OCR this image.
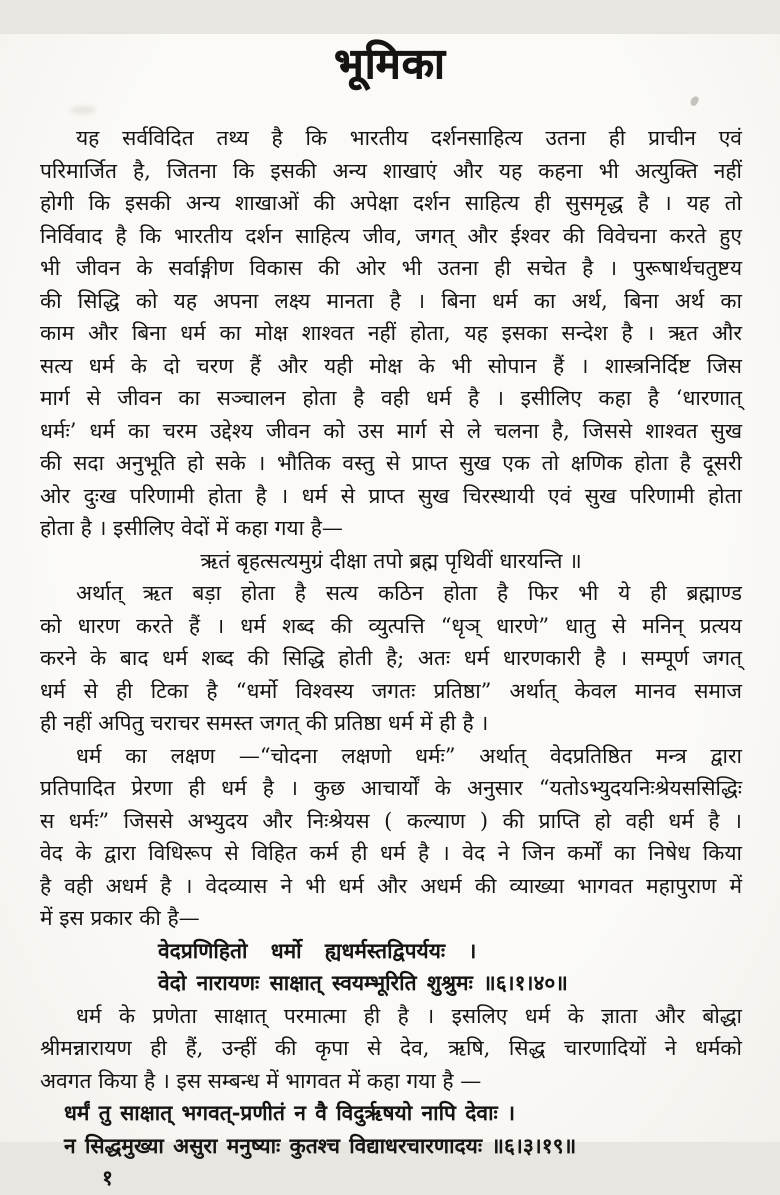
भूमिका
यह सर्वविदित तथ्य है कि भारतीय दर्शनसाहित्य उतना ही प्राचीन एवं
परिमार्जित है, जितना कि इसकी अन्य शाखाएं और यह कहना भी अत्युक्ति नहीं
होगी कि इसकी अन्य शाखाओं की अपेक्षा दर्शन साहित्य ही सुसमृद्ध है । यह तो
निर्विवाद है कि भारतीय दर्शन साहित्य जीव, जगत् और ईश्वर की विवेचना करते हुए
भी जीवन के सर्वाङ्गीण विकास की ओर भी उतना ही सचेत है । पुरूषार्थचतुष्टय
की सिद्धि को यह अपना लक्ष्य मानता है । बिना धर्म का अर्थ, बिना अर्थ का
काम और बिना धर्म का मोक्ष शाश्वत नहीं होता, यह इसका सन्देश है । ऋत और
सत्य धर्म के दो चरण हैं और यही मोक्ष के भी सोपान हैं । शास्त्रनिर्दिष्ट जिस
मार्ग से जीवन का सञ्चालन होता है वही धर्म है । इसीलिए कहा है ‘धारणात्
धर्मः’ धर्म का चरम उद्देश्य जीवन को उस मार्ग से ले चलना है, जिससे शाश्वत सुख
की सदा अनुभूति हो सके । भौतिक वस्तु से प्राप्त सुख एक तो क्षणिक होता है दूसरी
ओर दुःख परिणामी होता है । धर्म से प्राप्त सुख चिरस्थायी एवं सुख परिणामी होता
होता है । इसीलिए वेदों में कहा गया है—
ऋतं बृहत्सत्यमुग्रं दीक्षा तपो ब्रह्म पृथिवीं धारयन्ति ॥
अर्थात् ऋत बड़ा होता है सत्य कठिन होता है फिर भी ये ही ब्रह्माण्ड
को धारण करते हैं । धर्म शब्द की व्युत्पत्ति “धृञ् धारणे” धातु से मनिन् प्रत्यय
करने के बाद धर्म शब्द की सिद्धि होती है; अतः धर्म धारणकारी है । सम्पूर्ण जगत्
धर्म से ही टिका है “धर्मो विश्वस्य जगतः प्रतिष्ठा” अर्थात् केवल मानव समाज
ही नहीं अपितु चराचर समस्त जगत् की प्रतिष्ठा धर्म में ही है ।
धर्म का लक्षण —“चोदना लक्षणो धर्मः” अर्थात् वेदप्रतिष्ठित मन्त्र द्वारा
प्रतिपादित प्रेरणा ही धर्म है । कुछ आचार्यों के अनुसार “यतोऽभ्युदयनिःश्रेयससिद्धिः
स धर्मः” जिससे अभ्युदय और निःश्रेयस ( कल्याण ) की प्राप्ति हो वही धर्म है ।
वेद के द्वारा विधिरूप से विहित कर्म ही धर्म है । वेद ने जिन कर्मों का निषेध किया
है वही अधर्म है । वेदव्यास ने भी धर्म और अधर्म की व्याख्या भागवत महापुराण में
में इस प्रकार की है—
वेदप्रणिहितो धर्मो ह्यधर्मस्तद्विपर्ययः ।
वेदो नारायणः साक्षात् स्वयम्भूरिति शुश्रुमः ॥६।१।४०॥
धर्म के प्रणेता साक्षात् परमात्मा ही है । इसलिए धर्म के ज्ञाता और बोद्धा
श्रीमन्नारायण ही हैं, उन्हीं की कृपा से देव, ऋषि, सिद्ध चारणादियों ने धर्मको
अवगत किया है । इस सम्बन्ध में भागवत में कहा गया है —
धर्मं तु साक्षात् भगवत्-प्रणीतं न वै विदुर्ऋषयो नापि देवाः ।
न सिद्धमुख्या असुरा मनुष्याः कुतश्च विद्याधरचारणादयः ॥६।३।१९॥
१
